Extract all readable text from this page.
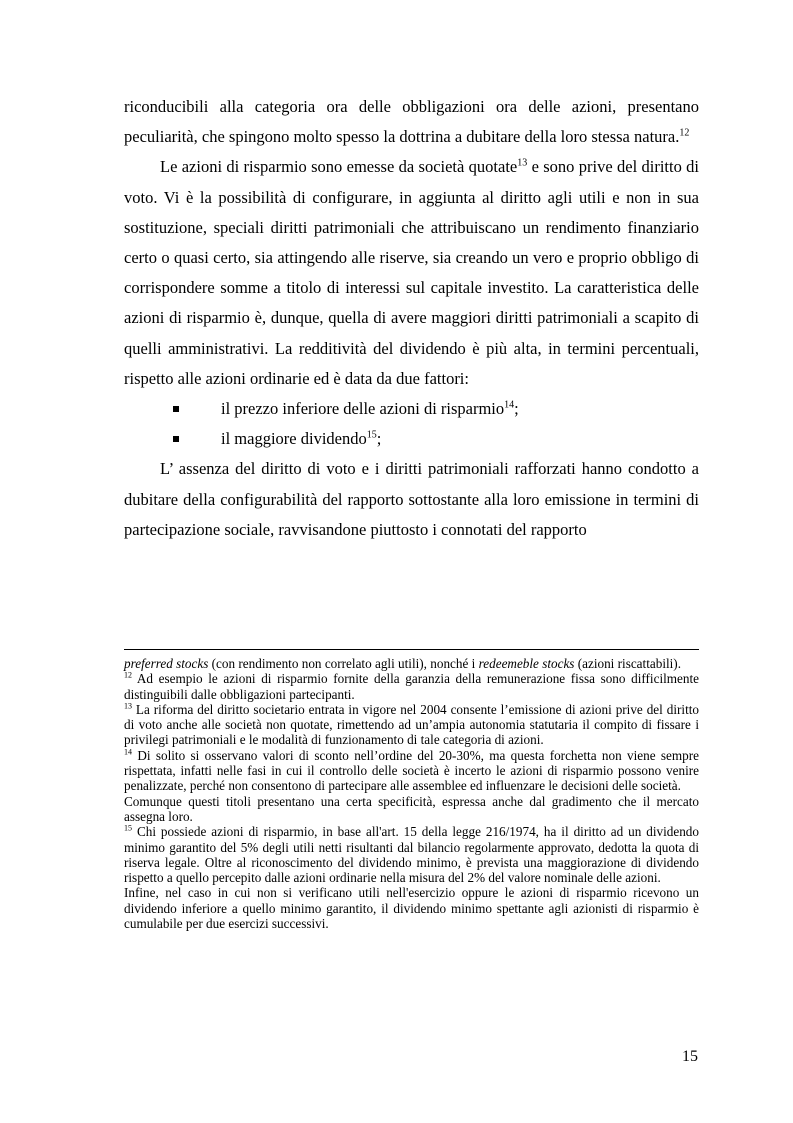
riconducibili alla categoria ora delle obbligazioni ora delle azioni, presentano peculiarità, che spingono molto spesso la dottrina a dubitare della loro stessa natura.$^{12}$

Le azioni di risparmio sono emesse da società quotate$^{13}$ e sono prive del diritto di voto. Vi è la possibilità di configurare, in aggiunta al diritto agli utili e non in sua sostituzione, speciali diritti patrimoniali che attribuiscano un rendimento finanziario certo o quasi certo, sia attingendo alle riserve, sia creando un vero e proprio obbligo di corrispondere somme a titolo di interessi sul capitale investito. La caratteristica delle azioni di risparmio è, dunque, quella di avere maggiori diritti patrimoniali a scapito di quelli amministrativi. La redditività del dividendo è più alta, in termini percentuali, rispetto alle azioni ordinarie ed è data da due fattori:

il prezzo inferiore delle azioni di risparmio$^{14}$;
il maggiore dividendo$^{15}$;

L’ assenza del diritto di voto e i diritti patrimoniali rafforzati hanno condotto a dubitare della configurabilità del rapporto sottostante alla loro emissione in termini di partecipazione sociale, ravvisandone piuttosto i connotati del rapporto

preferred stocks (con rendimento non correlato agli utili), nonché i redeemeble stocks (azioni riscattabili).

$^{12}$ Ad esempio le azioni di risparmio fornite della garanzia della remunerazione fissa sono difficilmente distinguibili dalle obbligazioni partecipanti.

$^{13}$ La riforma del diritto societario entrata in vigore nel 2004 consente l’emissione di azioni prive del diritto di voto anche alle società non quotate, rimettendo ad un’ampia autonomia statutaria il compito di fissare i privilegi patrimoniali e le modalità di funzionamento di tale categoria di azioni.

$^{14}$ Di solito si osservano valori di sconto nell’ordine del 20-30%, ma questa forchetta non viene sempre rispettata, infatti nelle fasi in cui il controllo delle società è incerto le azioni di risparmio possono venire penalizzate, perché non consentono di partecipare alle assemblee ed influenzare le decisioni delle società.

Comunque questi titoli presentano una certa specificità, espressa anche dal gradimento che il mercato assegna loro.

$^{15}$ Chi possiede azioni di risparmio, in base all'art. 15 della legge 216/1974, ha il diritto ad un dividendo minimo garantito del 5% degli utili netti risultanti dal bilancio regolarmente approvato, dedotta la quota di riserva legale. Oltre al riconoscimento del dividendo minimo, è prevista una maggiorazione di dividendo rispetto a quello percepito dalle azioni ordinarie nella misura del 2% del valore nominale delle azioni.

Infine, nel caso in cui non si verificano utili nell'esercizio oppure le azioni di risparmio ricevono un dividendo inferiore a quello minimo garantito, il dividendo minimo spettante agli azionisti di risparmio è cumulabile per due esercizi successivi.

15
